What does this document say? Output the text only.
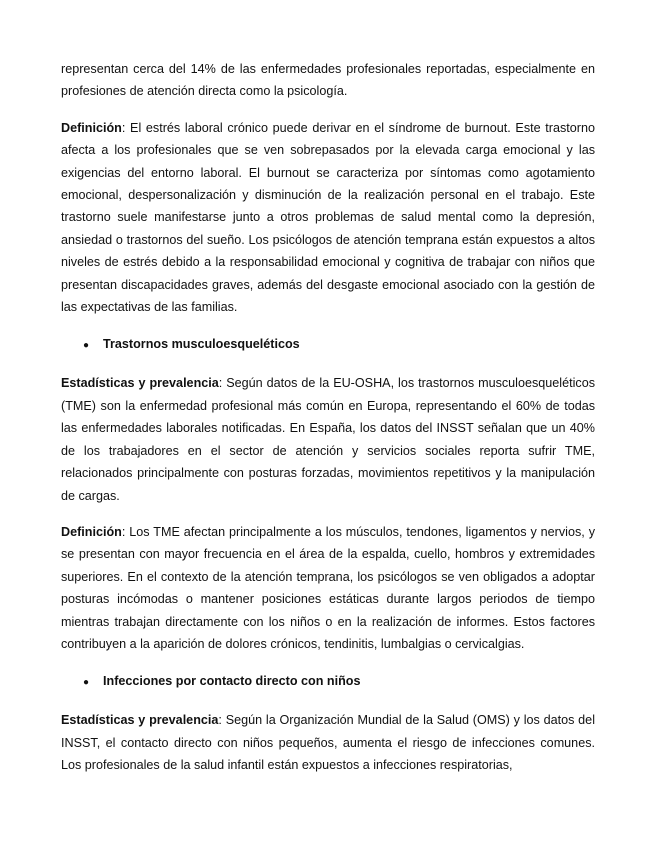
representan cerca del 14% de las enfermedades profesionales reportadas, especialmente en profesiones de atención directa como la psicología.

Definición: El estrés laboral crónico puede derivar en el síndrome de burnout. Este trastorno afecta a los profesionales que se ven sobrepasados por la elevada carga emocional y las exigencias del entorno laboral. El burnout se caracteriza por síntomas como agotamiento emocional, despersonalización y disminución de la realización personal en el trabajo. Este trastorno suele manifestarse junto a otros problemas de salud mental como la depresión, ansiedad o trastornos del sueño. Los psicólogos de atención temprana están expuestos a altos niveles de estrés debido a la responsabilidad emocional y cognitiva de trabajar con niños que presentan discapacidades graves, además del desgaste emocional asociado con la gestión de las expectativas de las familias.

●	Trastornos musculoesqueléticos

Estadísticas y prevalencia: Según datos de la EU-OSHA, los trastornos musculoesqueléticos (TME) son la enfermedad profesional más común en Europa, representando el 60% de todas las enfermedades laborales notificadas. En España, los datos del INSST señalan que un 40% de los trabajadores en el sector de atención y servicios sociales reporta sufrir TME, relacionados principalmente con posturas forzadas, movimientos repetitivos y la manipulación de cargas.

Definición: Los TME afectan principalmente a los músculos, tendones, ligamentos y nervios, y se presentan con mayor frecuencia en el área de la espalda, cuello, hombros y extremidades superiores. En el contexto de la atención temprana, los psicólogos se ven obligados a adoptar posturas incómodas o mantener posiciones estáticas durante largos periodos de tiempo mientras trabajan directamente con los niños o en la realización de informes. Estos factores contribuyen a la aparición de dolores crónicos, tendinitis, lumbalgias o cervicalgias.

●	Infecciones por contacto directo con niños

Estadísticas y prevalencia: Según la Organización Mundial de la Salud (OMS) y los datos del INSST, el contacto directo con niños pequeños, aumenta el riesgo de infecciones comunes. Los profesionales de la salud infantil están expuestos a infecciones respiratorias,
